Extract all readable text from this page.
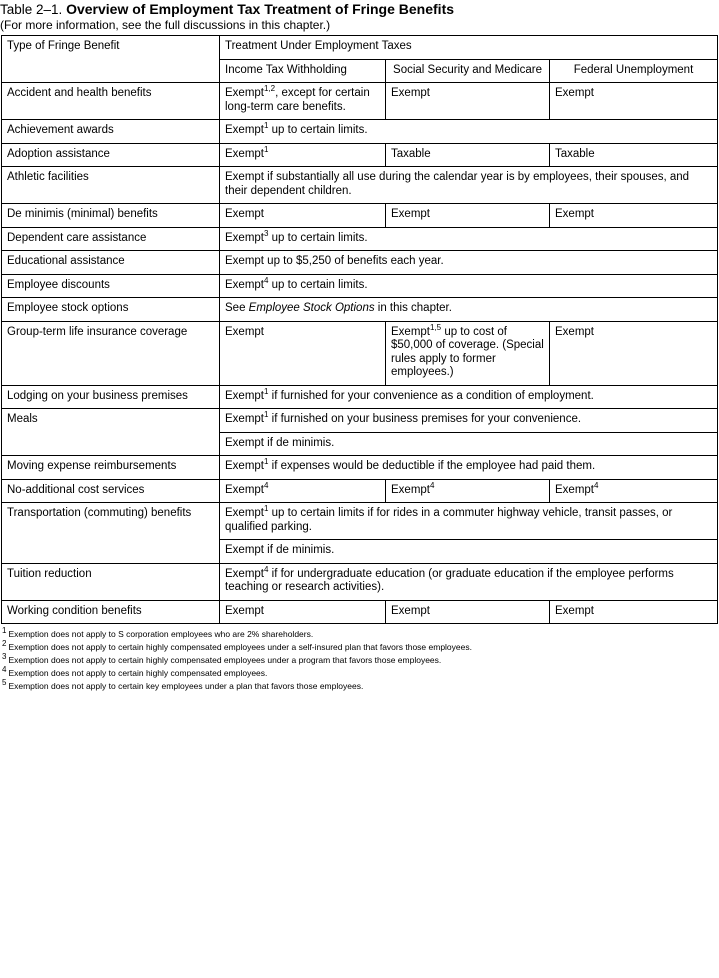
Table 2–1. Overview of Employment Tax Treatment of Fringe Benefits

(For more information, see the full discussions in this chapter.)

Type of Fringe Benefit	Treatment Under Employment Taxes		
	Income Tax Withholding	Social Security and Medicare	Federal Unemployment
Accident and health benefits	Exempt$^{1,2}$, except for certain long-term care benefits.	Exempt	Exempt
Achievement awards	Exempt$^1$ up to certain limits.		
Adoption assistance	Exempt$^1$	Taxable	Taxable
Athletic facilities	Exempt if substantially all use during the calendar year is by employees, their spouses, and their dependent children.		
De minimis (minimal) benefits	Exempt	Exempt	Exempt
Dependent care assistance	Exempt$^3$ up to certain limits.		
Educational assistance	Exempt up to $5,250 of benefits each year.		
Employee discounts	Exempt$^4$ up to certain limits.		
Employee stock options	See Employee Stock Options in this chapter.		
Group-term life insurance coverage	Exempt	Exempt$^{1,5}$ up to cost of $50,000 of coverage. (Special rules apply to former employees.)	Exempt
Lodging on your business premises	Exempt$^1$ if furnished for your convenience as a condition of employment.		
Meals	Exempt$^1$ if furnished on your business premises for your convenience.		
	Exempt if de minimis.		
Moving expense reimbursements	Exempt$^1$ if expenses would be deductible if the employee had paid them.		
No-additional cost services	Exempt$^4$	Exempt$^4$	Exempt$^4$
Transportation (commuting) benefits	Exempt$^1$ up to certain limits if for rides in a commuter highway vehicle, transit passes, or qualified parking.		
	Exempt if de minimis.		
Tuition reduction	Exempt$^4$ if for undergraduate education (or graduate education if the employee performs teaching or research activities).		
Working condition benefits	Exempt	Exempt	Exempt

1 Exemption does not apply to S corporation employees who are 2% shareholders.

2 Exemption does not apply to certain highly compensated employees under a self-insured plan that favors those employees.

3 Exemption does not apply to certain highly compensated employees under a program that favors those employees.

4 Exemption does not apply to certain highly compensated employees.

5 Exemption does not apply to certain key employees under a plan that favors those employees.
